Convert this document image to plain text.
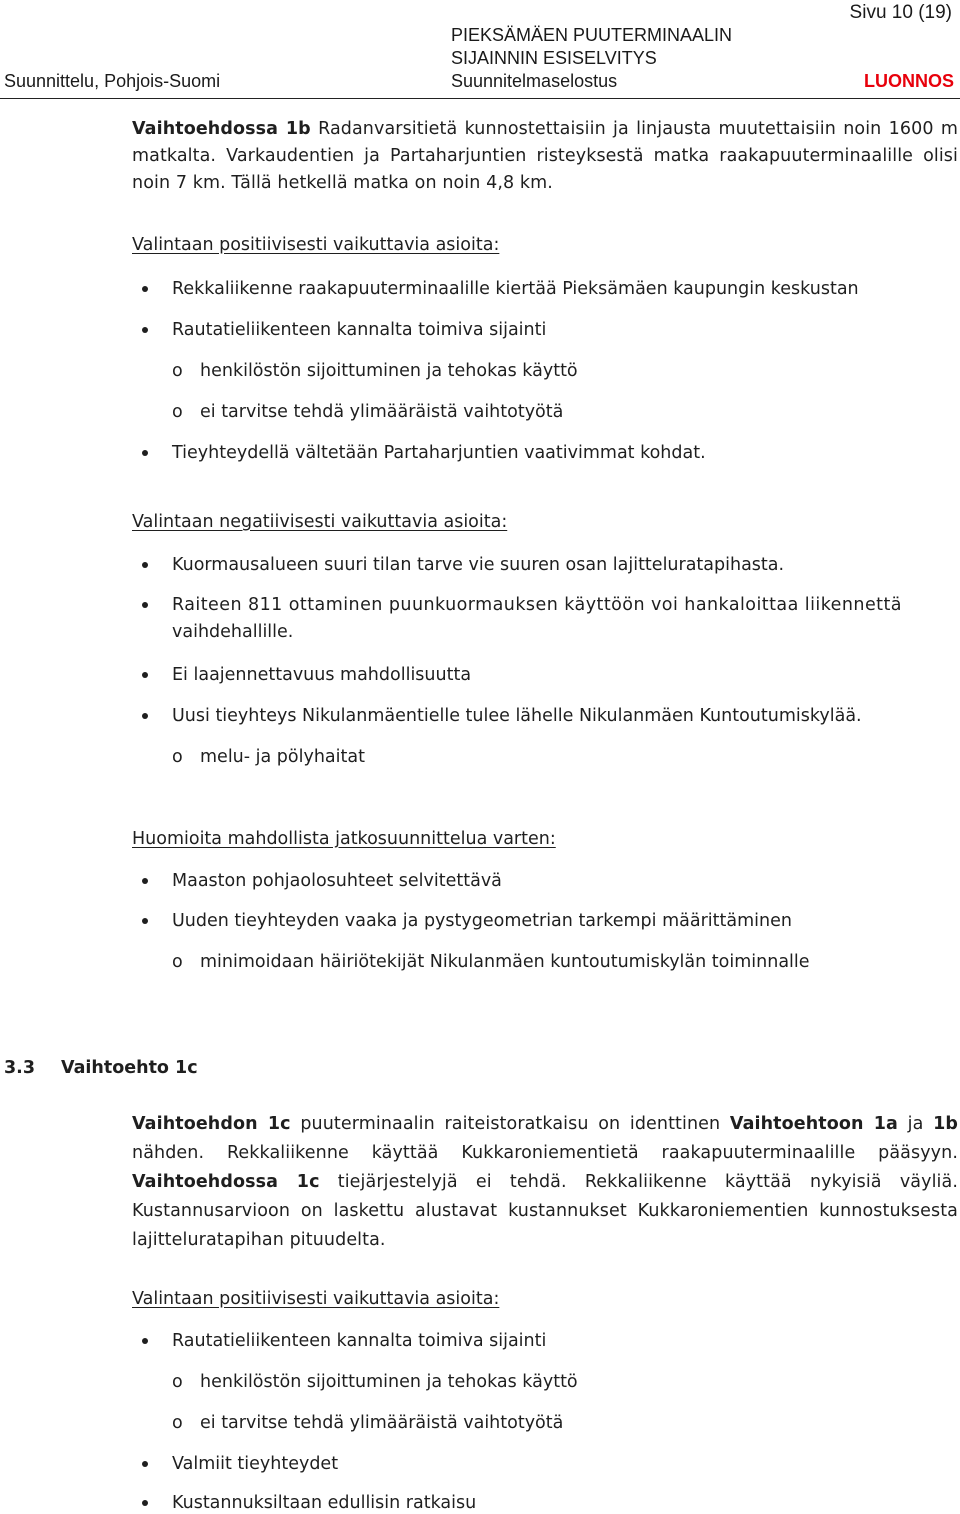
Sivu 10 (19)
PIEKSÄMÄEN PUUTERMINAALIN
SIJAINNIN ESISELVITYS
Suunnittelu, Pohjois-Suomi	Suunnitelmaselostus	LUONNOS
Vaihtoehdossa 1b Radanvarsitietä kunnostettaisiin ja linjausta muutettaisiin noin 1600 m matkalta. Varkaudentien ja Partaharjuntien risteyksestä matka raakapuuterminaalille olisi noin 7 km. Tällä hetkellä matka on noin 4,8 km.
Valintaan positiivisesti vaikuttavia asioita:
Rekkaliikenne raakapuuterminaalille kiertää Pieksämäen kaupungin keskustan
Rautatieliikenteen kannalta toimiva sijainti
o henkilöstön sijoittuminen ja tehokas käyttö
o ei tarvitse tehdä ylimääräistä vaihtotyötä
Tieyhteydellä vältetään Partaharjuntien vaativimmat kohdat.
Valintaan negatiivisesti vaikuttavia asioita:
Kuormausalueen suuri tilan tarve vie suuren osan lajitteluratapihasta.
Raiteen 811 ottaminen puunkuormauksen käyttöön voi hankaloittaa liikennettä
vaihdehallille.
Ei laajennettavuus mahdollisuutta
Uusi tieyhteys Nikulanmäentielle tulee lähelle Nikulanmäen Kuntoutumiskylää.
o melu- ja pölyhaitat
Huomioita mahdollista jatkosuunnittelua varten:
Maaston pohjaolosuhteet selvitettävä
Uuden tieyhteyden vaaka ja pystygeometrian tarkempi määrittäminen
o minimoidaan häiriötekijät Nikulanmäen kuntoutumiskylän toiminnalle
3.3 Vaihtoehto 1c
Vaihtoehdon 1c puuterminaalin raiteistoratkaisu on identtinen Vaihtoehtoon 1a ja 1b nähden. Rekkaliikenne käyttää Kukkaroniementietä raakapuuterminaalille pääsyyn. Vaihtoehdossa 1c tiejärjestelyjä ei tehdä. Rekkaliikenne käyttää nykyisiä väyliä. Kustannusarvioon on laskettu alustavat kustannukset Kukkaroniementien kunnostuksesta lajitteluratapihan pituudelta.
Valintaan positiivisesti vaikuttavia asioita:
Rautatieliikenteen kannalta toimiva sijainti
o henkilöstön sijoittuminen ja tehokas käyttö
o ei tarvitse tehdä ylimääräistä vaihtotyötä
Valmiit tieyhteydet
Kustannuksiltaan edullisin ratkaisu
